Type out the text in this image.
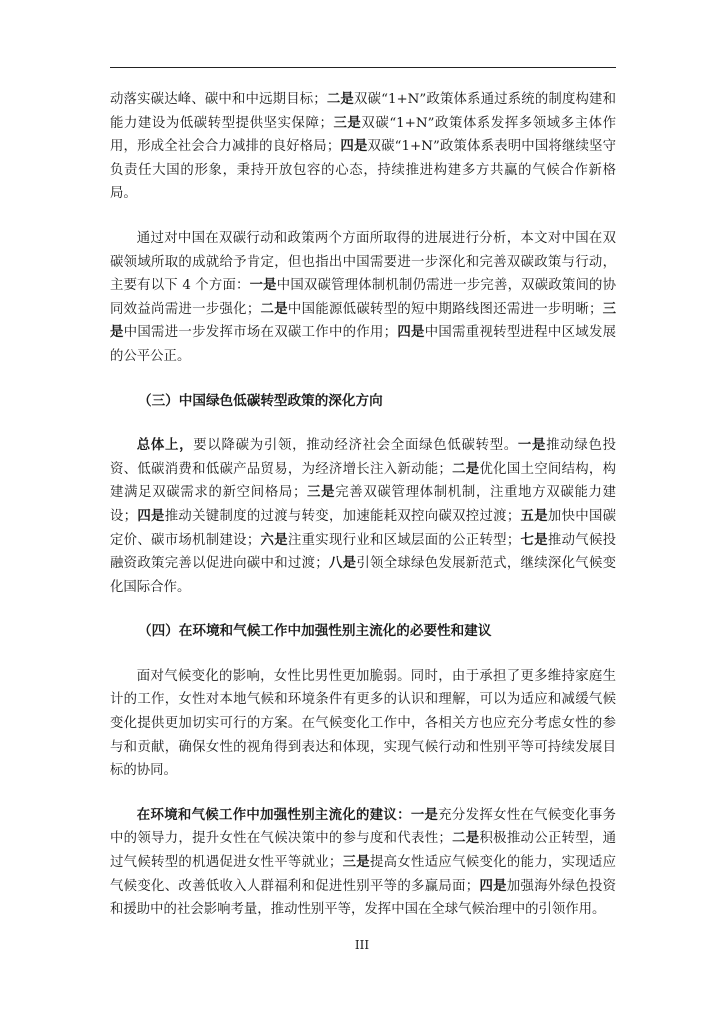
动落实碳达峰、碳中和中远期目标；二是双碳“1+N”政策体系通过系统的制度构建和能力建设为低碳转型提供坚实保障；三是双碳“1+N”政策体系发挥多领域多主体作用，形成全社会合力减排的良好格局；四是双碳“1+N”政策体系表明中国将继续坚守负责任大国的形象，秉持开放包容的心态，持续推进构建多方共赢的气候合作新格局。

通过对中国在双碳行动和政策两个方面所取得的进展进行分析，本文对中国在双碳领域所取的成就给予肯定，但也指出中国需要进一步深化和完善双碳政策与行动，主要有以下 4 个方面：一是中国双碳管理体制机制仍需进一步完善，双碳政策间的协同效益尚需进一步强化；二是中国能源低碳转型的短中期路线图还需进一步明晰；三是中国需进一步发挥市场在双碳工作中的作用；四是中国需重视转型进程中区域发展的公平公正。

（三）中国绿色低碳转型政策的深化方向

总体上，要以降碳为引领，推动经济社会全面绿色低碳转型。一是推动绿色投资、低碳消费和低碳产品贸易，为经济增长注入新动能；二是优化国土空间结构，构建满足双碳需求的新空间格局；三是完善双碳管理体制机制，注重地方双碳能力建设；四是推动关键制度的过渡与转变，加速能耗双控向碳双控过渡；五是加快中国碳定价、碳市场机制建设；六是注重实现行业和区域层面的公正转型；七是推动气候投融资政策完善以促进向碳中和过渡；八是引领全球绿色发展新范式，继续深化气候变化国际合作。

（四）在环境和气候工作中加强性别主流化的必要性和建议

面对气候变化的影响，女性比男性更加脆弱。同时，由于承担了更多维持家庭生计的工作，女性对本地气候和环境条件有更多的认识和理解，可以为适应和减缓气候变化提供更加切实可行的方案。在气候变化工作中，各相关方也应充分考虑女性的参与和贡献，确保女性的视角得到表达和体现，实现气候行动和性别平等可持续发展目标的协同。

在环境和气候工作中加强性别主流化的建议：一是充分发挥女性在气候变化事务中的领导力，提升女性在气候决策中的参与度和代表性；二是积极推动公正转型，通过气候转型的机遇促进女性平等就业；三是提高女性适应气候变化的能力，实现适应气候变化、改善低收入人群福利和促进性别平等的多赢局面；四是加强海外绿色投资和援助中的社会影响考量，推动性别平等，发挥中国在全球气候治理中的引领作用。

III
